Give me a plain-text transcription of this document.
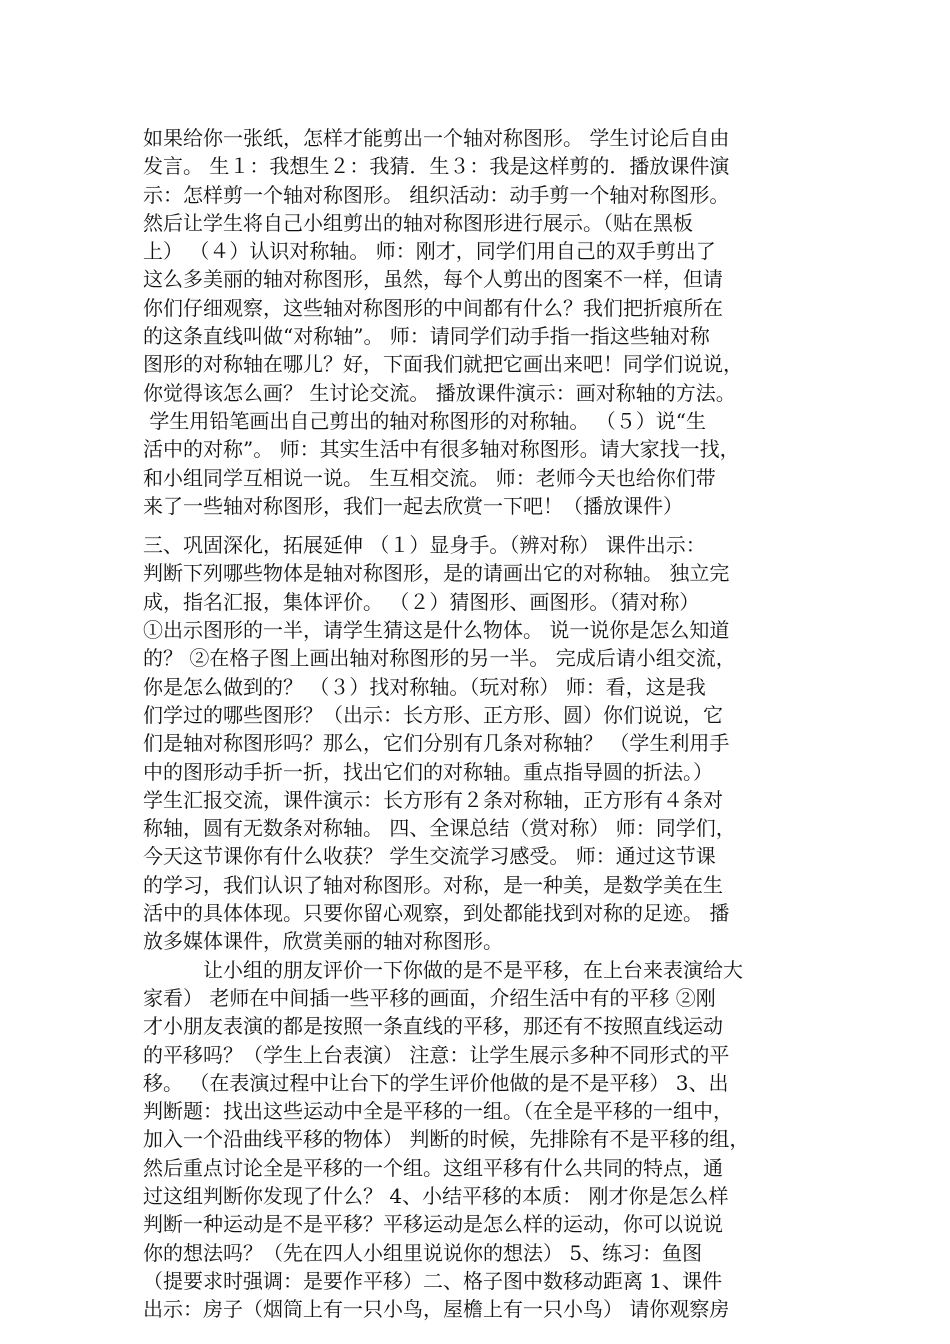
如果给你一张纸，怎样才能剪出一个轴对称图形。 学生讨论后自由
发言。 生１：我想生２：我猜．生３：我是这样剪的．播放课件演
示：怎样剪一个轴对称图形。 组织活动：动手剪一个轴对称图形。
然后让学生将自己小组剪出的轴对称图形进行展示。（贴在黑板
上） （４）认识对称轴。 师：刚才，同学们用自己的双手剪出了
这么多美丽的轴对称图形，虽然，每个人剪出的图案不一样，但请
你们仔细观察，这些轴对称图形的中间都有什么？我们把折痕所在
的这条直线叫做“对称轴”。 师：请同学们动手指一指这些轴对称
图形的对称轴在哪儿？好，下面我们就把它画出来吧！同学们说说，
你觉得该怎么画？ 生讨论交流。 播放课件演示：画对称轴的方法。
学生用铅笔画出自己剪出的轴对称图形的对称轴。 （５）说“生
活中的对称”。 师：其实生活中有很多轴对称图形。请大家找一找，
和小组同学互相说一说。 生互相交流。 师：老师今天也给你们带
来了一些轴对称图形，我们一起去欣赏一下吧！（播放课件）
三、巩固深化，拓展延伸 （１）显身手。（辨对称） 课件出示：
判断下列哪些物体是轴对称图形，是的请画出它的对称轴。 独立完
成，指名汇报，集体评价。 （２）猜图形、画图形。（猜对称）
①出示图形的一半，请学生猜这是什么物体。 说一说你是怎么知道
的？ ②在格子图上画出轴对称图形的另一半。 完成后请小组交流，
你是怎么做到的？ （３）找对称轴。（玩对称） 师：看，这是我
们学过的哪些图形？（出示：长方形、正方形、圆）你们说说，它
们是轴对称图形吗？那么，它们分别有几条对称轴？ （学生利用手
中的图形动手折一折，找出它们的对称轴。重点指导圆的折法。）
学生汇报交流，课件演示：长方形有２条对称轴，正方形有４条对
称轴，圆有无数条对称轴。 四、全课总结（赏对称） 师：同学们，
今天这节课你有什么收获？ 学生交流学习感受。 师：通过这节课
的学习，我们认识了轴对称图形。对称，是一种美，是数学美在生
活中的具体体现。只要你留心观察，到处都能找到对称的足迹。 播
放多媒体课件，欣赏美丽的轴对称图形。
　　　让小组的朋友评价一下你做的是不是平移，在上台来表演给大
家看） 老师在中间插一些平移的画面，介绍生活中有的平移 ②刚
才小朋友表演的都是按照一条直线的平移，那还有不按照直线运动
的平移吗？（学生上台表演） 注意：让学生展示多种不同形式的平
移。 （在表演过程中让台下的学生评价他做的是不是平移） 3、出
判断题：找出这些运动中全是平移的一组。（在全是平移的一组中，
加入一个沿曲线平移的物体） 判断的时候，先排除有不是平移的组，
然后重点讨论全是平移的一个组。这组平移有什么共同的特点，通
过这组判断你发现了什么？ 4、小结平移的本质： 刚才你是怎么样
判断一种运动是不是平移？平移运动是怎么样的运动，你可以说说
你的想法吗？（先在四人小组里说说你的想法） 5、练习：鱼图
（提要求时强调：是要作平移）二、格子图中数移动距离 1、课件
出示：房子（烟筒上有一只小鸟，屋檐上有一只小鸟） 请你观察房
